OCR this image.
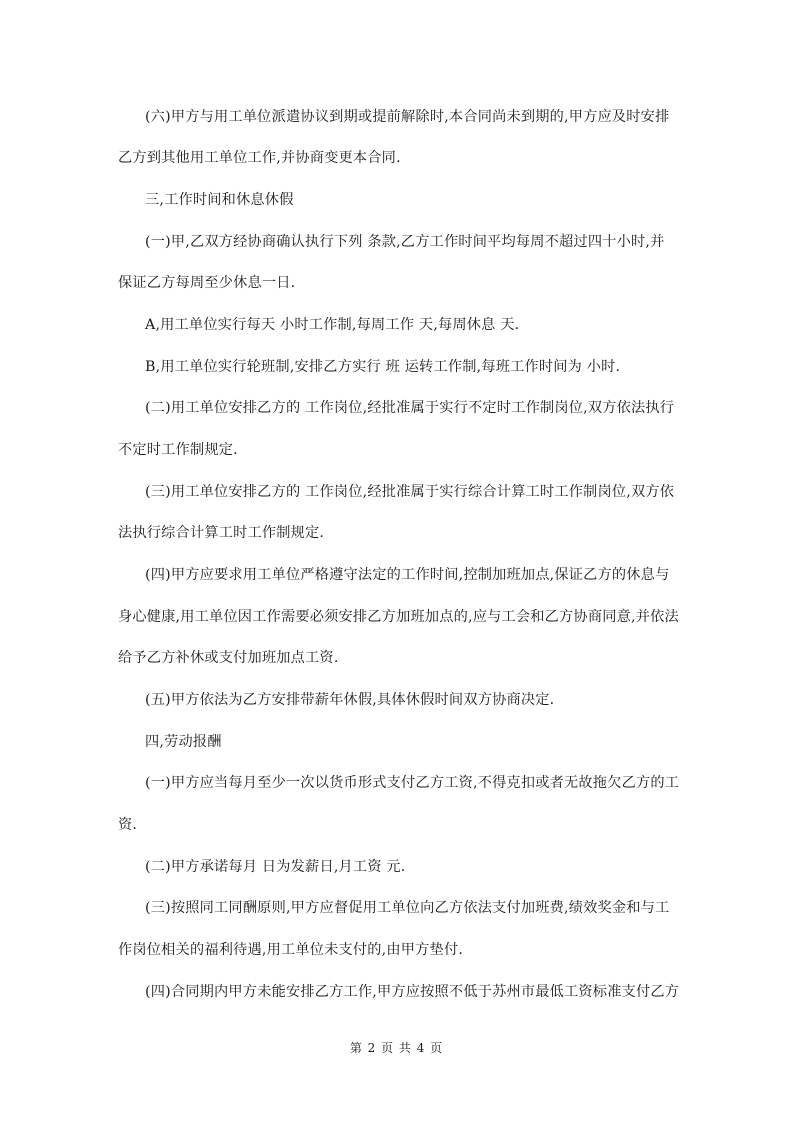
(六)甲方与用工单位派遣协议到期或提前解除时,本合同尚未到期的,甲方应及时安排
乙方到其他用工单位工作,并协商变更本合同.
三,工作时间和休息休假
(一)甲,乙双方经协商确认执行下列 条款,乙方工作时间平均每周不超过四十小时,并
保证乙方每周至少休息一日.
A,用工单位实行每天 小时工作制,每周工作 天,每周休息 天.
B,用工单位实行轮班制,安排乙方实行 班 运转工作制,每班工作时间为 小时.
(二)用工单位安排乙方的 工作岗位,经批准属于实行不定时工作制岗位,双方依法执行
不定时工作制规定.
(三)用工单位安排乙方的 工作岗位,经批准属于实行综合计算工时工作制岗位,双方依
法执行综合计算工时工作制规定.
(四)甲方应要求用工单位严格遵守法定的工作时间,控制加班加点,保证乙方的休息与
身心健康,用工单位因工作需要必须安排乙方加班加点的,应与工会和乙方协商同意,并依法
给予乙方补休或支付加班加点工资.
(五)甲方依法为乙方安排带薪年休假,具体休假时间双方协商决定.
四,劳动报酬
(一)甲方应当每月至少一次以货币形式支付乙方工资,不得克扣或者无故拖欠乙方的工
资.
(二)甲方承诺每月 日为发薪日,月工资 元.
(三)按照同工同酬原则,甲方应督促用工单位向乙方依法支付加班费,绩效奖金和与工
作岗位相关的福利待遇,用工单位未支付的,由甲方垫付.
(四)合同期内甲方未能安排乙方工作,甲方应按照不低于苏州市最低工资标准支付乙方
第 2 页 共 4 页
